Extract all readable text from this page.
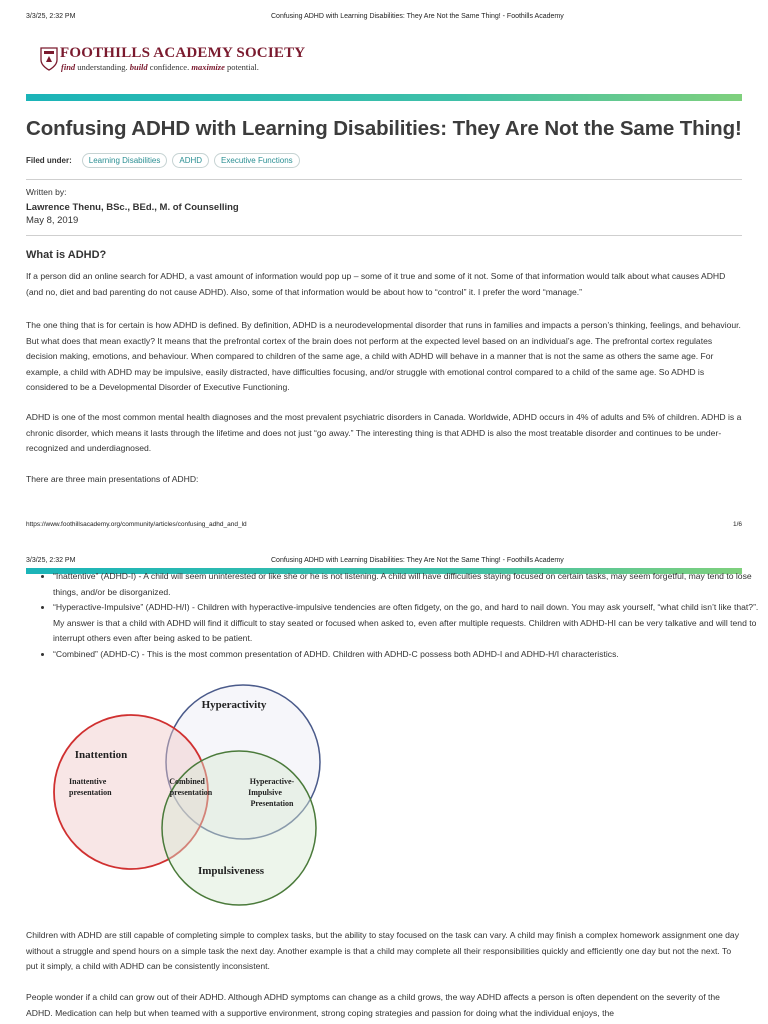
3/3/25, 2:32 PM	Confusing ADHD with Learning Disabilities: They Are Not the Same Thing! - Foothills Academy
FOOTHILLS ACADEMY SOCIETY
find understanding. build confidence. maximize potential.
Confusing ADHD with Learning Disabilities: They Are Not the Same Thing!
Filed under:	Learning Disabilities	ADHD	Executive Functions
Written by:
Lawrence Thenu, BSc., BEd., M. of Counselling
May 8, 2019
What is ADHD?

If a person did an online search for ADHD, a vast amount of information would pop up – some of it true and some of it not. Some of that information would talk about what causes ADHD (and no, diet and bad parenting do not cause ADHD). Also, some of that information would be about how to “control” it. I prefer the word “manage.”

The one thing that is for certain is how ADHD is defined. By definition, ADHD is a neurodevelopmental disorder that runs in families and impacts a person’s thinking, feelings, and behaviour. But what does that mean exactly? It means that the prefrontal cortex of the brain does not perform at the expected level based on an individual’s age. The prefrontal cortex regulates decision making, emotions, and behaviour. When compared to children of the same age, a child with ADHD will behave in a manner that is not the same as others the same age. For example, a child with ADHD may be impulsive, easily distracted, have difficulties focusing, and/or struggle with emotional control compared to a child of the same age. So ADHD is considered to be a Developmental Disorder of Executive Functioning.

ADHD is one of the most common mental health diagnoses and the most prevalent psychiatric disorders in Canada. Worldwide, ADHD occurs in 4% of adults and 5% of children. ADHD is a chronic disorder, which means it lasts through the lifetime and does not just “go away.” The interesting thing is that ADHD is also the most treatable disorder and continues to be under-recognized and underdiagnosed.

There are three main presentations of ADHD:

https://www.foothillsacademy.org/community/articles/confusing_adhd_and_ld	1/6
3/3/25, 2:32 PM	Confusing ADHD with Learning Disabilities: They Are Not the Same Thing! - Foothills Academy
• “Inattentive” (ADHD-I) - A child will seem uninterested or like she or he is not listening. A child will have difficulties staying focused on certain tasks, may seem forgetful, may tend to lose things, and/or be disorganized.
• “Hyperactive-Impulsive” (ADHD-H/I) - Children with hyperactive-impulsive tendencies are often fidgety, on the go, and hard to nail down. You may ask yourself, “what child isn’t like that?”. My answer is that a child with ADHD will find it difficult to stay seated or focused when asked to, even after multiple requests. Children with ADHD-HI can be very talkative and will tend to interrupt others even after being asked to be patient.
• “Combined” (ADHD-C) - This is the most common presentation of ADHD. Children with ADHD-C possess both ADHD-I and ADHD-H/I characteristics.
Hyperactivity
Inattention
Impulsiveness
Inattentive
presentation
Combined
presentation
Hyperactive-
Impulsive
Presentation

Children with ADHD are still capable of completing simple to complex tasks, but the ability to stay focused on the task can vary. A child may finish a complex homework assignment one day without a struggle and spend hours on a simple task the next day. Another example is that a child may complete all their responsibilities quickly and efficiently one day but not the next. To put it simply, a child with ADHD can be consistently inconsistent.

People wonder if a child can grow out of their ADHD. Although ADHD symptoms can change as a child grows, the way ADHD affects a person is often dependent on the severity of the ADHD. Medication can help but when teamed with a supportive environment, strong coping strategies and passion for doing what the individual enjoys, the
